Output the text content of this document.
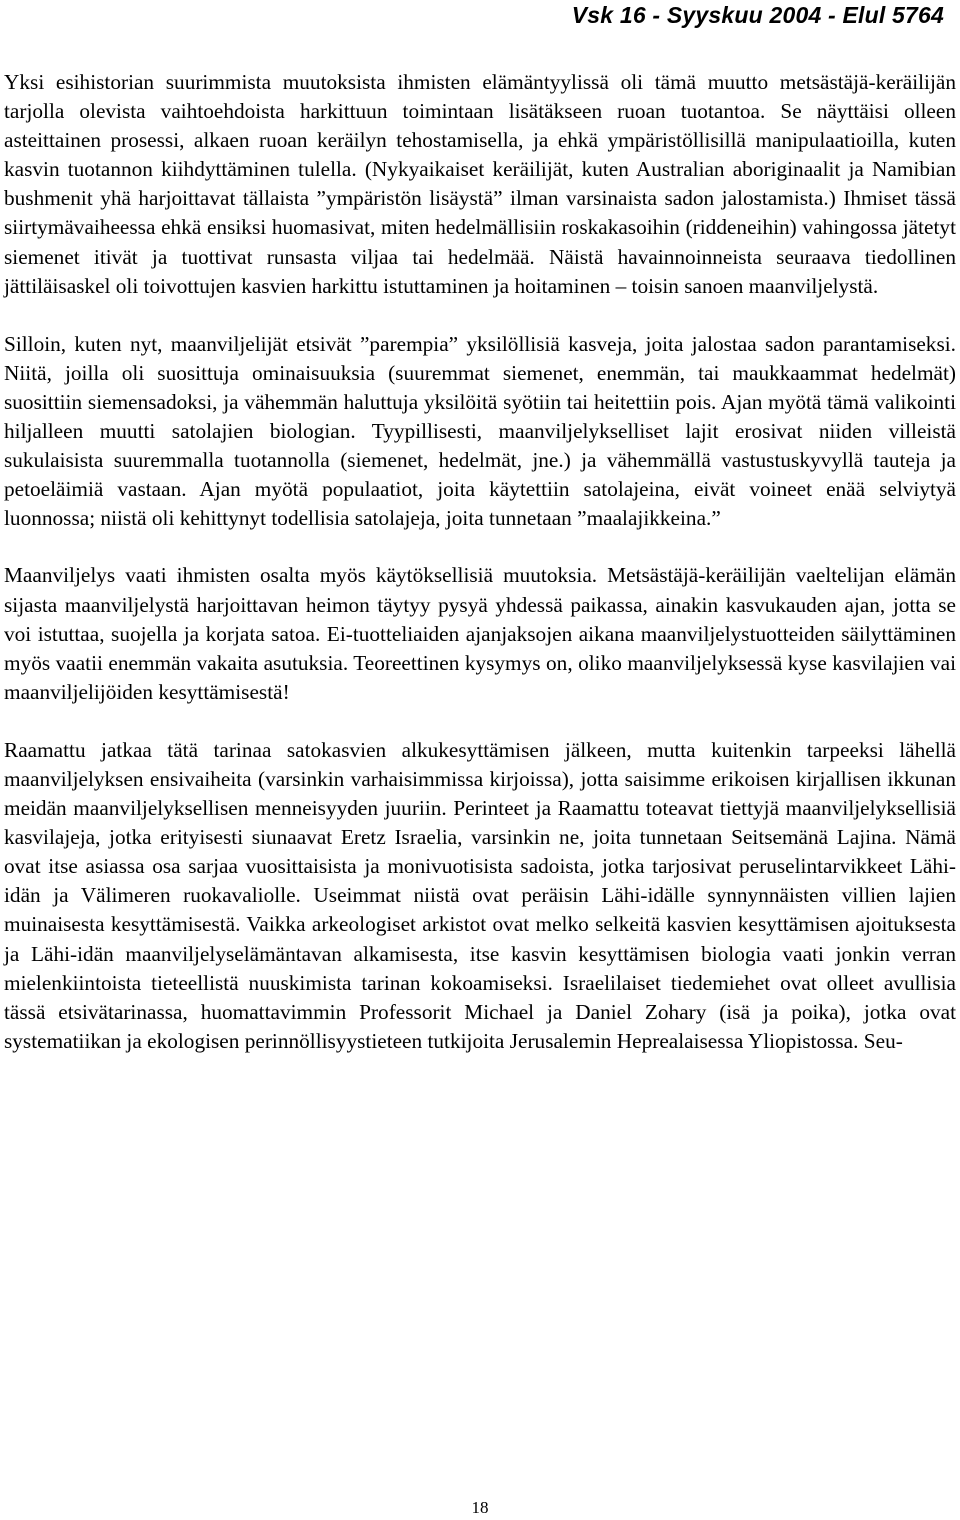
Vsk 16 - Syyskuu 2004 - Elul 5764

Yksi esihistorian suurimmista muutoksista ihmisten elämäntyylissä oli tämä muutto metsästäjä-keräilijän tarjolla olevista vaihtoehdoista harkittuun toimintaan lisätäkseen ruoan tuotantoa. Se näyttäisi olleen asteittainen prosessi, alkaen ruoan keräilyn tehostamisella, ja ehkä ympäristöllisillä manipulaatioilla, kuten kasvin tuotannon kiihdyttäminen tulella. (Nykyaikaiset keräilijät, kuten Australian aboriginaalit ja Namibian bushmenit yhä harjoittavat tällaista ”ympäristön lisäystä” ilman varsinaista sadon jalostamista.) Ihmiset tässä siirtymävaiheessa ehkä ensiksi huomasivat, miten hedelmällisiin roskakasoihin (riddeneihin) vahingossa jätetyt siemenet itivät ja tuottivat runsasta viljaa tai hedelmää. Näistä havainnoinneista seuraava tiedollinen jättiläisaskel oli toivottujen kasvien harkittu istuttaminen ja hoitaminen – toisin sanoen maanviljelystä.

Silloin, kuten nyt, maanviljelijät etsivät ”parempia” yksilöllisiä kasveja, joita jalostaa sadon parantamiseksi. Niitä, joilla oli suosittuja ominaisuuksia (suuremmat siemenet, enemmän, tai maukkaammat hedelmät) suosittiin siemensadoksi, ja vähemmän haluttuja yksilöitä syötiin tai heitettiin pois. Ajan myötä tämä valikointi hiljalleen muutti satolajien biologian. Tyypillisesti, maanviljelykselliset lajit erosivat niiden villeistä sukulaisista suuremmalla tuotannolla (siemenet, hedelmät, jne.) ja vähemmällä vastustuskyvyllä tauteja ja petoeläimiä vastaan. Ajan myötä populaatiot, joita käytettiin satolajeina, eivät voineet enää selviytyä luonnossa; niistä oli kehittynyt todellisia satolajeja, joita tunnetaan ”maalajikkeina.”

Maanviljelys vaati ihmisten osalta myös käytöksellisiä muutoksia. Metsästäjä-keräilijän vaeltelijan elämän sijasta maanviljelystä harjoittavan heimon täytyy pysyä yhdessä paikassa, ainakin kasvukauden ajan, jotta se voi istuttaa, suojella ja korjata satoa. Ei-tuotteliaiden ajanjaksojen aikana maanviljelystuotteiden säilyttäminen myös vaatii enemmän vakaita asutuksia. Teoreettinen kysymys on, oliko maanviljelyksessä kyse kasvilajien vai maanviljelijöiden kesyttämisestä!

Raamattu jatkaa tätä tarinaa satokasvien alkukesyttämisen jälkeen, mutta kuitenkin tarpeeksi lähellä maanviljelyksen ensivaiheita (varsinkin varhaisimmissa kirjoissa), jotta saisimme erikoisen kirjallisen ikkunan meidän maanviljelyksellisen menneisyyden juuriin. Perinteet ja Raamattu toteavat tiettyjä maanviljelyksellisiä kasvilajeja, jotka erityisesti siunaavat Eretz Israelia, varsinkin ne, joita tunnetaan Seitsemänä Lajina. Nämä ovat itse asiassa osa sarjaa vuosittaisista ja monivuotisista sadoista, jotka tarjosivat peruselintarvikkeet Lähi-idän ja Välimeren ruokavaliolle. Useimmat niistä ovat peräisin Lähi-idälle synnynnäisten villien lajien muinaisesta kesyttämisestä. Vaikka arkeologiset arkistot ovat melko selkeitä kasvien kesyttämisen ajoituksesta ja Lähi-idän maanviljelyselämäntavan alkamisesta, itse kasvin kesyttämisen biologia vaati jonkin verran mielenkiintoista tieteellistä nuuskimista tarinan kokoamiseksi. Israelilaiset tiedemiehet ovat olleet avullisia tässä etsivätarinassa, huomattavimmin Professorit Michael ja Daniel Zohary (isä ja poika), jotka ovat systematiikan ja ekologisen perinnöllisyystieteen tutkijoita Jerusalemin Heprealaisessa Yliopistossa. Seu-

18
